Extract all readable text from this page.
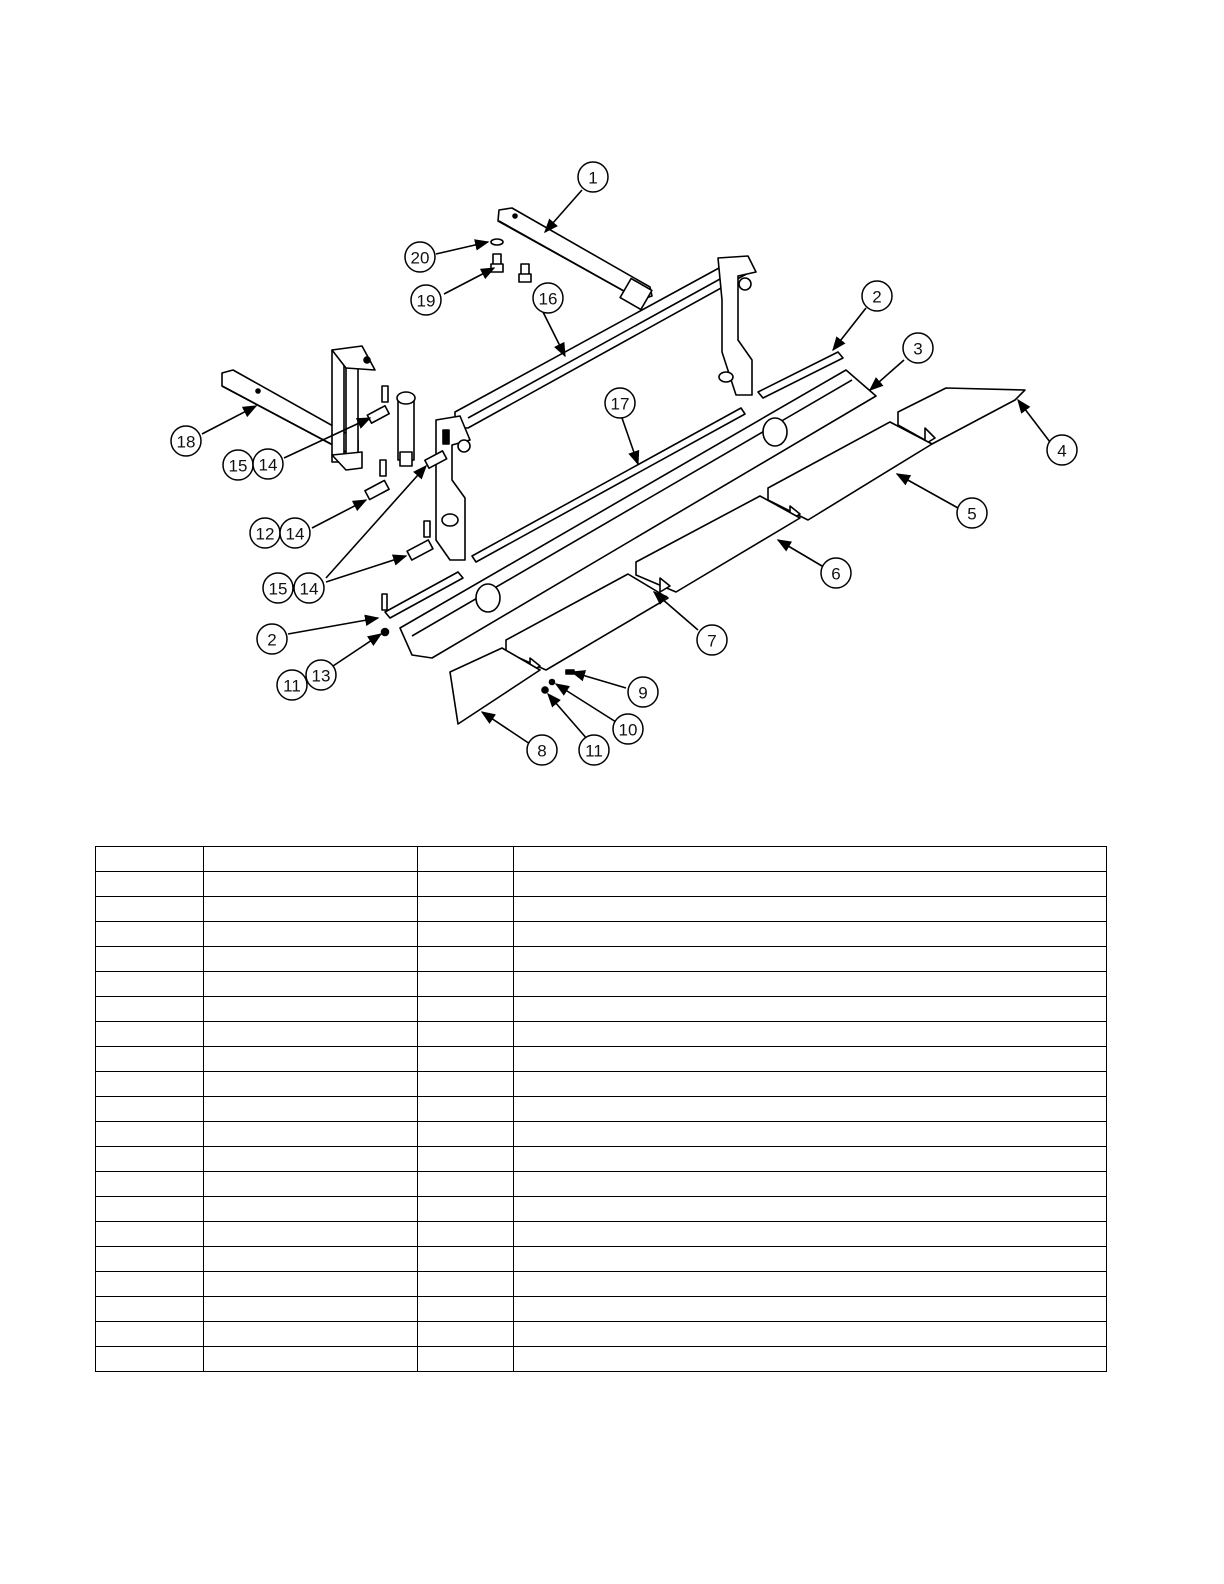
1
20
19	16	2
3
17
4
18
15 14
5
12 14
6
15 14
2	7
11
13
9
10
8 11
